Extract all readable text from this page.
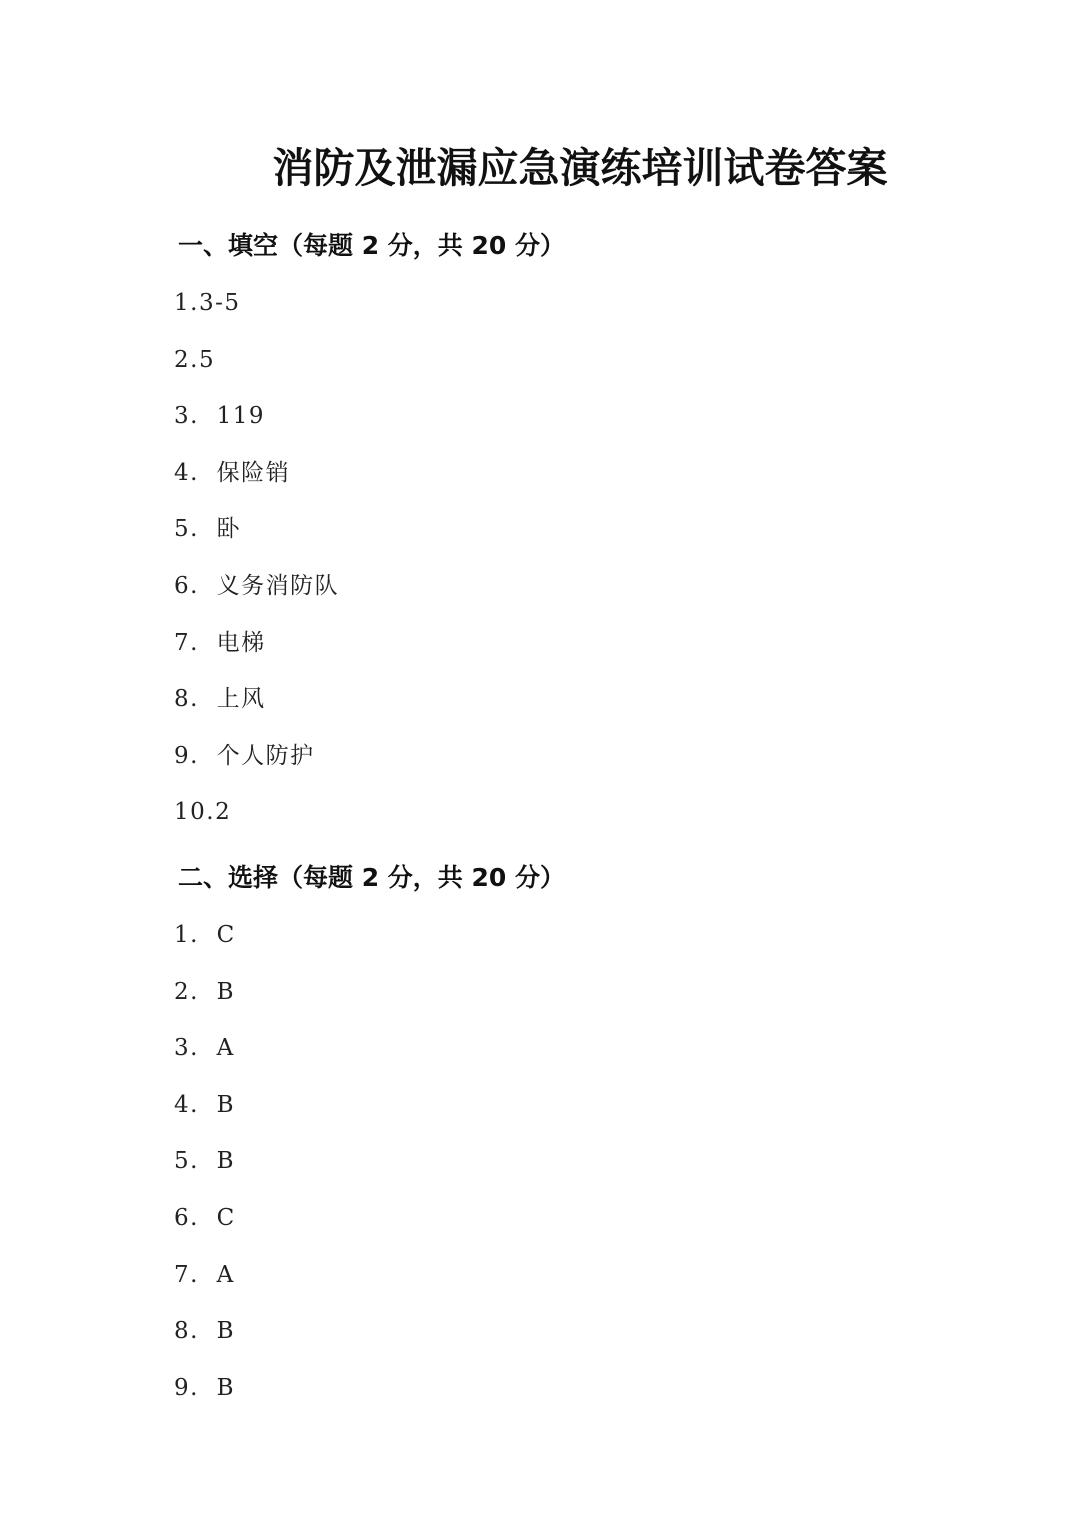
消防及泄漏应急演练培训试卷答案
一、填空（每题 2 分，共 20 分）
1.3-5
2.5
3.  119
4.  保险销
5.  卧
6.  义务消防队
7.  电梯
8.  上风
9.  个人防护
10.2
二、选择（每题 2 分，共 20 分）
1.  C
2.  B
3.  A
4.  B
5.  B
6.  C
7.  A
8.  B
9.  B
